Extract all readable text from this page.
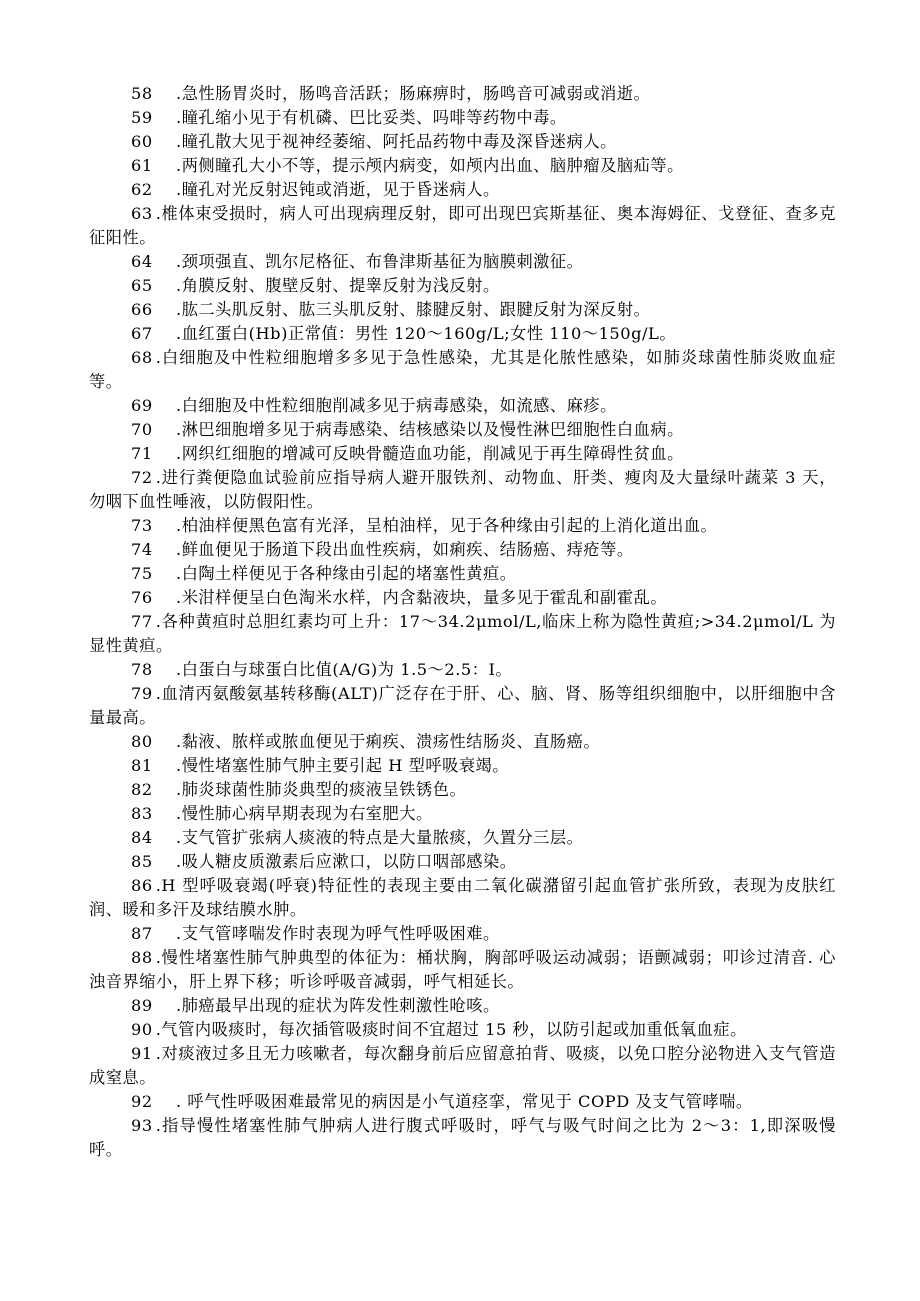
58 .急性肠胃炎时，肠鸣音活跃；肠麻痹时，肠鸣音可减弱或消逝。
59 .瞳孔缩小见于有机磷、巴比妥类、吗啡等药物中毒。
60 .瞳孔散大见于视神经萎缩、阿托品药物中毒及深昏迷病人。
61 .两侧瞳孔大小不等，提示颅内病变，如颅内出血、脑肿瘤及脑疝等。
62 .瞳孔对光反射迟钝或消逝，见于昏迷病人。
63 .椎体束受损时，病人可出现病理反射，即可出现巴宾斯基征、奥本海姆征、戈登征、查多克征阳性。
64 .颈项强直、凯尔尼格征、布鲁津斯基征为脑膜刺激征。
65 .角膜反射、腹壁反射、提睾反射为浅反射。
66 .肱二头肌反射、肱三头肌反射、膝腱反射、跟腱反射为深反射。
67 .血红蛋白(Hb)正常值：男性 120～160g/L;女性 110～150g/L。
68 .白细胞及中性粒细胞增多多见于急性感染，尤其是化脓性感染，如肺炎球菌性肺炎败血症等。
69 .白细胞及中性粒细胞削减多见于病毒感染，如流感、麻疹。
70 .淋巴细胞增多见于病毒感染、结核感染以及慢性淋巴细胞性白血病。
71 .网织红细胞的增减可反映骨髓造血功能，削减见于再生障碍性贫血。
72 .进行粪便隐血试验前应指导病人避开服铁剂、动物血、肝类、瘦肉及大量绿叶蔬菜 3 天，勿咽下血性唾液，以防假阳性。
73 .柏油样便黑色富有光泽，呈柏油样，见于各种缘由引起的上消化道出血。
74 .鲜血便见于肠道下段出血性疾病，如痢疾、结肠癌、痔疮等。
75 .白陶土样便见于各种缘由引起的堵塞性黄疸。
76 .米泔样便呈白色淘米水样，内含黏液块，量多见于霍乱和副霍乱。
77 .各种黄疸时总胆红素均可上升：17～34.2μmol/L,临床上称为隐性黄疸;>34.2μmol/L 为显性黄疸。
78 .白蛋白与球蛋白比值(A/G)为 1.5～2.5：I。
79 .血清丙氨酸氨基转移酶(ALT)广泛存在于肝、心、脑、肾、肠等组织细胞中，以肝细胞中含量最高。
80 .黏液、脓样或脓血便见于痢疾、溃疡性结肠炎、直肠癌。
81 .慢性堵塞性肺气肿主要引起 H 型呼吸衰竭。
82 .肺炎球菌性肺炎典型的痰液呈铁锈色。
83 .慢性肺心病早期表现为右室肥大。
84 .支气管扩张病人痰液的特点是大量脓痰，久置分三层。
85 .吸人糖皮质激素后应漱口，以防口咽部感染。
86 .H 型呼吸衰竭(呼衰)特征性的表现主要由二氧化碳潴留引起血管扩张所致，表现为皮肤红润、暖和多汗及球结膜水肿。
87 .支气管哮喘发作时表现为呼气性呼吸困难。
88 .慢性堵塞性肺气肿典型的体征为：桶状胸，胸部呼吸运动减弱；语颤减弱；叩诊过清音. 心浊音界缩小，肝上界下移；听诊呼吸音减弱，呼气相延长。
89 .肺癌最早出现的症状为阵发性刺激性呛咳。
90 .气管内吸痰时，每次插管吸痰时间不宜超过 15 秒，以防引起或加重低氧血症。
91 .对痰液过多且无力咳嗽者，每次翻身前后应留意拍背、吸痰，以免口腔分泌物进入支气管造成窒息。
92 . 呼气性呼吸困难最常见的病因是小气道痉挛，常见于 COPD 及支气管哮喘。
93 .指导慢性堵塞性肺气肿病人进行腹式呼吸时，呼气与吸气时间之比为 2～3：1,即深吸慢呼。
